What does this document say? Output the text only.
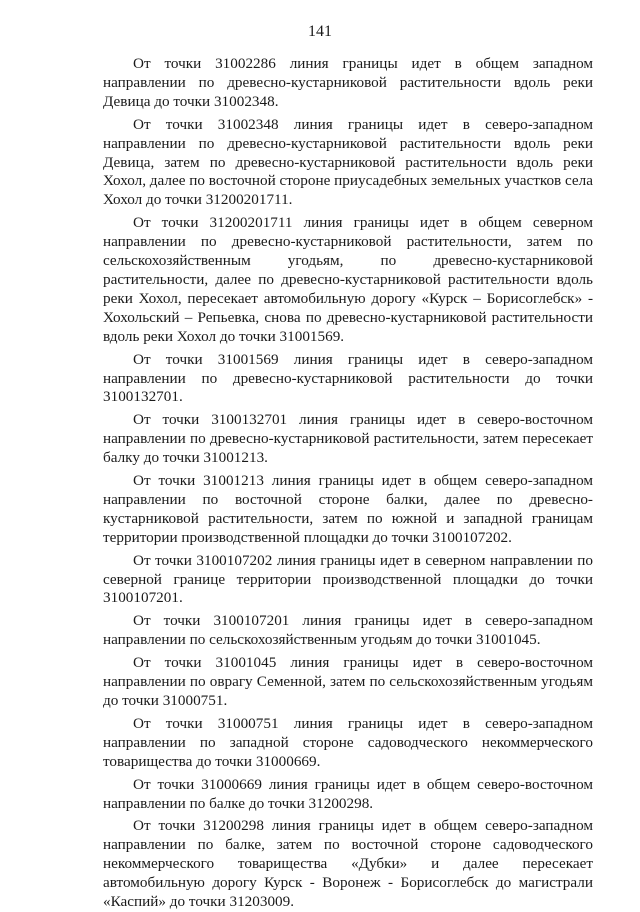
141

От точки 31002286 линия границы идет в общем западном направлении по древесно-кустарниковой растительности вдоль реки Девица до точки 31002348.

От точки 31002348 линия границы идет в северо-западном направлении по древесно-кустарниковой растительности вдоль реки Девица, затем по древесно-кустарниковой растительности вдоль реки Хохол, далее по восточной стороне приусадебных земельных участков села Хохол до точки 31200201711.

От точки 31200201711 линия границы идет в общем северном направлении по древесно-кустарниковой растительности, затем по сельскохозяйственным угодьям, по древесно-кустарниковой растительности, далее по древесно-кустарниковой растительности вдоль реки Хохол, пересекает автомобильную дорогу «Курск – Борисоглебск» - Хохольский – Репьевка, снова по древесно-кустарниковой растительности вдоль реки Хохол до точки 31001569.

От точки 31001569 линия границы идет в северо-западном направлении по древесно-кустарниковой растительности до точки 3100132701.

От точки 3100132701 линия границы идет в северо-восточном направлении по древесно-кустарниковой растительности, затем пересекает балку до точки 31001213.

От точки 31001213 линия границы идет в общем северо-западном направлении по восточной стороне балки, далее по древесно-кустарниковой растительности, затем по южной и западной границам территории производственной площадки до точки 3100107202.

От точки 3100107202 линия границы идет в северном направлении по северной границе территории производственной площадки до точки 3100107201.

От точки 3100107201 линия границы идет в северо-западном направлении по сельскохозяйственным угодьям до точки 31001045.

От точки 31001045 линия границы идет в северо-восточном направлении по оврагу Семенной, затем по сельскохозяйственным угодьям до точки 31000751.

От точки 31000751 линия границы идет в северо-западном направлении по западной стороне садоводческого некоммерческого товарищества до точки 31000669.

От точки 31000669 линия границы идет в общем северо-восточном направлении по балке до точки 31200298.

От точки 31200298 линия границы идет в общем северо-западном направлении по балке, затем по восточной стороне садоводческого некоммерческого товарищества «Дубки» и далее пересекает автомобильную дорогу Курск - Воронеж - Борисоглебск до магистрали «Каспий» до точки 31203009.
